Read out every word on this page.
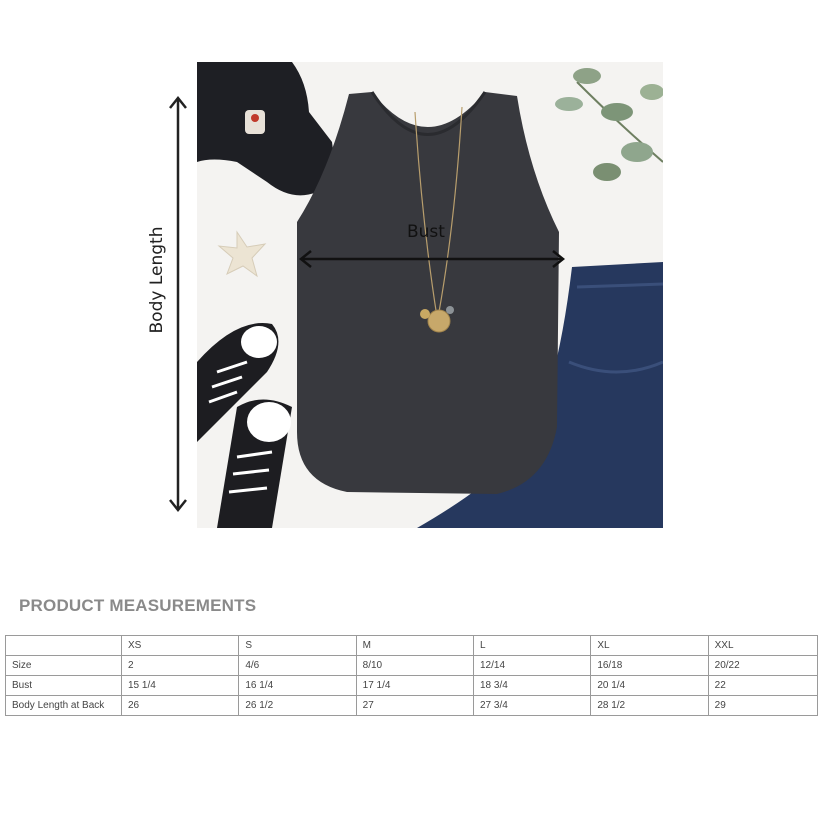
Body Length	Bust
PRODUCT MEASUREMENTS
	XS	S	M	L	XL	XXL
Size	2	4/6	8/10	12/14	16/18	20/22
Bust	15 1/4	16 1/4	17 1/4	18 3/4	20 1/4	22
Body Length at Back	26	26 1/2	27	27 3/4	28 1/2	29
